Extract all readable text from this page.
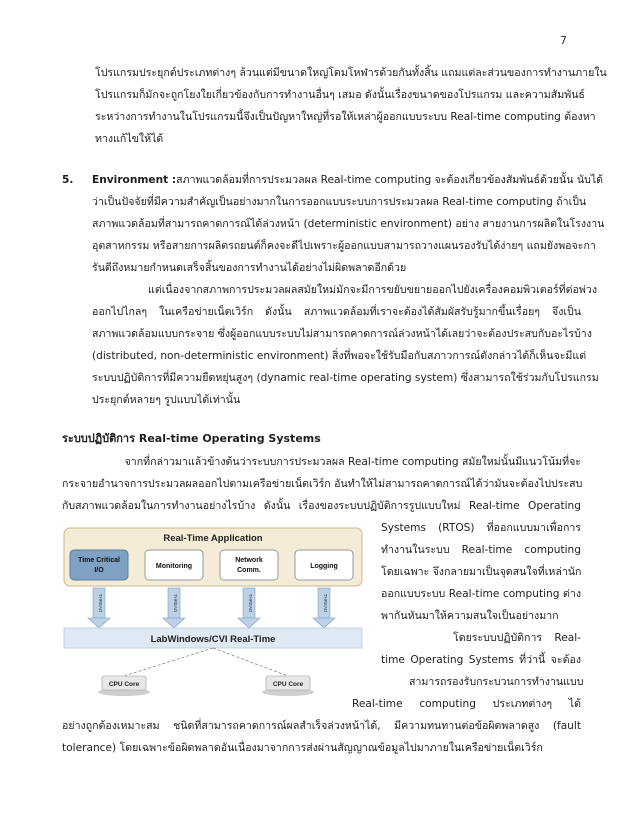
7
โปรแกรมประยุกต์ประเภทต่างๆ ล้วนแต่มีขนาดใหญ่โตมโหฬารด้วยกันทั้งสิ้น แถมแต่ละส่วนของการทำงานภายใน
โปรแกรมก็มักจะถูกโยงใยเกี่ยวข้องกับการทำงานอื่นๆ เสมอ ดังนั้นเรื่องขนาดของโปรแกรม และความสัมพันธ์
ระหว่างการทำงานในโปรแกรมนี้จึงเป็นปัญหาใหญ่ที่รอให้เหล่าผู้ออกแบบระบบ Real-time computing ต้องหา
ทางแก้ไขให้ได้
5.	Environment : สภาพแวดล้อมที่การประมวลผล Real-time computing จะต้องเกี่ยวข้องสัมพันธ์ด้วยนั้น นับได้
ว่าเป็นปัจจัยที่มีความสำคัญเป็นอย่างมากในการออกแบบระบบการประมวลผล Real-time computing ถ้าเป็น
สภาพแวดล้อมที่สามารถคาดการณ์ได้ล่วงหน้า (deterministic environment) อย่าง สายงานการผลิตในโรงงาน
อุตสาหกรรม หรือสายการผลิตรถยนต์ก็คงจะดีไปเพราะผู้ออกแบบสามารถวางแผนรองรับได้ง่ายๆ แถมยังพอจะกา
รันตีถึงหมายกำหนดเสร็จสิ้นของการทำงานได้อย่างไม่ผิดพลาดอีกด้วย
แต่เนื่องจากสภาพการประมวลผลสมัยใหม่มักจะมีการขยับขยายออกไปยังเครื่องคอมพิวเตอร์ที่ต่อพ่วง
ออกไปไกลๆ ในเครือข่ายเน็ตเวิร์ก ดังนั้น สภาพแวดล้อมที่เราจะต้องได้สัมผัสรับรู้มากขึ้นเรื่อยๆ จึงเป็น
สภาพแวดล้อมแบบกระจาย ซึ่งผู้ออกแบบระบบไม่สามารถคาดการณ์ล่วงหน้าได้เลยว่าจะต้องประสบกับอะไรบ้าง
(distributed, non-deterministic environment) สิ่งที่พอจะใช้รับมือกับสภาวการณ์ดังกล่าวได้ก็เห็นจะมีแต่
ระบบปฏิบัติการที่มีความยืดหยุ่นสูงๆ (dynamic real-time operating system) ซึ่งสามารถใช้ร่วมกับโปรแกรม
ประยุกต์หลายๆ รูปแบบได้เท่านั้น
ระบบปฏิบัติการ Real-time Operating Systems
จากที่กล่าวมาแล้วข้างต้นว่าระบบการประมวลผล Real-time computing สมัยใหม่นั้นมีแนวโน้มที่จะ
กระจายอำนาจการประมวลผลออกไปตามเครือข่ายเน็ตเวิร์ก อันทำให้ไม่สามารถคาดการณ์ได้ว่ามันจะต้องไปประสบ
กับสภาพแวดล้อมในการทำงานอย่างไรบ้าง ดังนั้น เรื่องของระบบปฏิบัติการรูปแบบใหม่ Real-time Operating
Systems (RTOS) ที่ออกแบบมาเพื่อการ
ทำงานในระบบ Real-time computing
โดยเฉพาะ จึงกลายมาเป็นจุดสนใจที่เหล่านัก
ออกแบบระบบ Real-time computing ต่าง
พากันหันมาให้ความสนใจเป็นอย่างมาก
โดยระบบปฏิบัติการ Real-
time Operating Systems ที่ว่านี้ จะต้อง
สามารถรองรับกระบวนการทำงานแบบ
Real-time computing ประเภทต่างๆ ได้
อย่างถูกต้องเหมาะสม ชนิดที่สามารถคาดการณ์ผลสำเร็จล่วงหน้าได้, มีความทนทานต่อข้อผิดพลาดสูง (fault
tolerance) โดยเฉพาะข้อผิดพลาดอันเนื่องมาจากการส่งผ่านสัญญาณข้อมูลไปมาภายในเครือข่ายเน็ตเวิร์ก
Real-Time Application
Time Critical
I/O
Monitoring
Network
Comm.
Logging
THREAD	THREAD	THREAD	THREAD
LabWindows/CVI Real-Time
CPU Core	CPU Core
